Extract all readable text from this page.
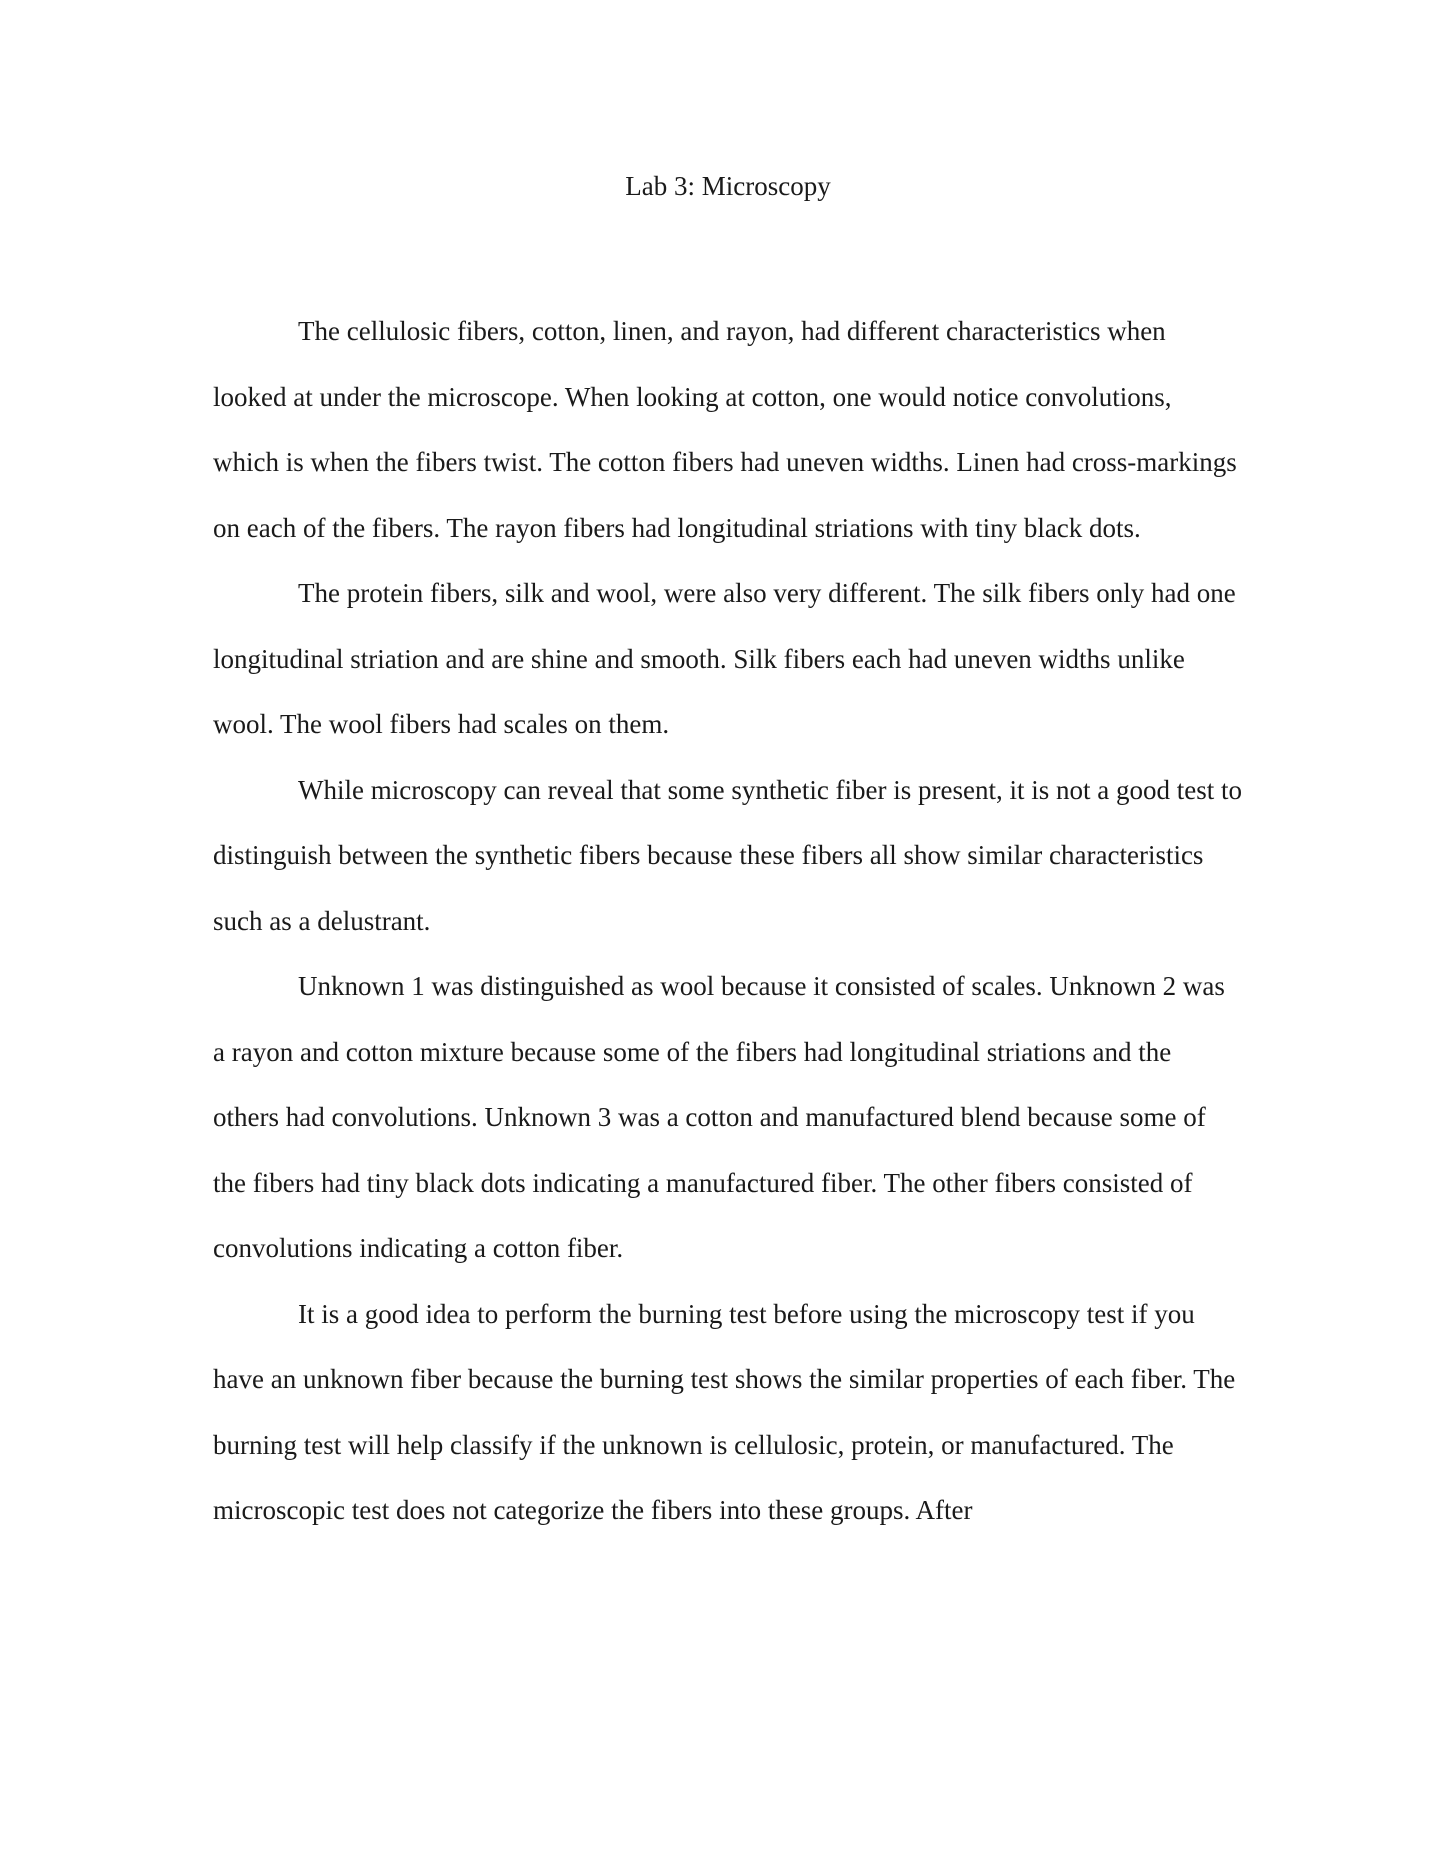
Lab 3: Microscopy

The cellulosic fibers, cotton, linen, and rayon, had different characteristics when looked at under the microscope. When looking at cotton, one would notice convolutions, which is when the fibers twist. The cotton fibers had uneven widths. Linen had cross-markings on each of the fibers. The rayon fibers had longitudinal striations with tiny black dots.

The protein fibers, silk and wool, were also very different. The silk fibers only had one longitudinal striation and are shine and smooth. Silk fibers each had uneven widths unlike wool. The wool fibers had scales on them.

While microscopy can reveal that some synthetic fiber is present, it is not a good test to distinguish between the synthetic fibers because these fibers all show similar characteristics such as a delustrant.

Unknown 1 was distinguished as wool because it consisted of scales. Unknown 2 was a rayon and cotton mixture because some of the fibers had longitudinal striations and the others had convolutions. Unknown 3 was a cotton and manufactured blend because some of the fibers had tiny black dots indicating a manufactured fiber. The other fibers consisted of convolutions indicating a cotton fiber.

It is a good idea to perform the burning test before using the microscopy test if you have an unknown fiber because the burning test shows the similar properties of each fiber. The burning test will help classify if the unknown is cellulosic, protein, or manufactured. The microscopic test does not categorize the fibers into these groups. After
